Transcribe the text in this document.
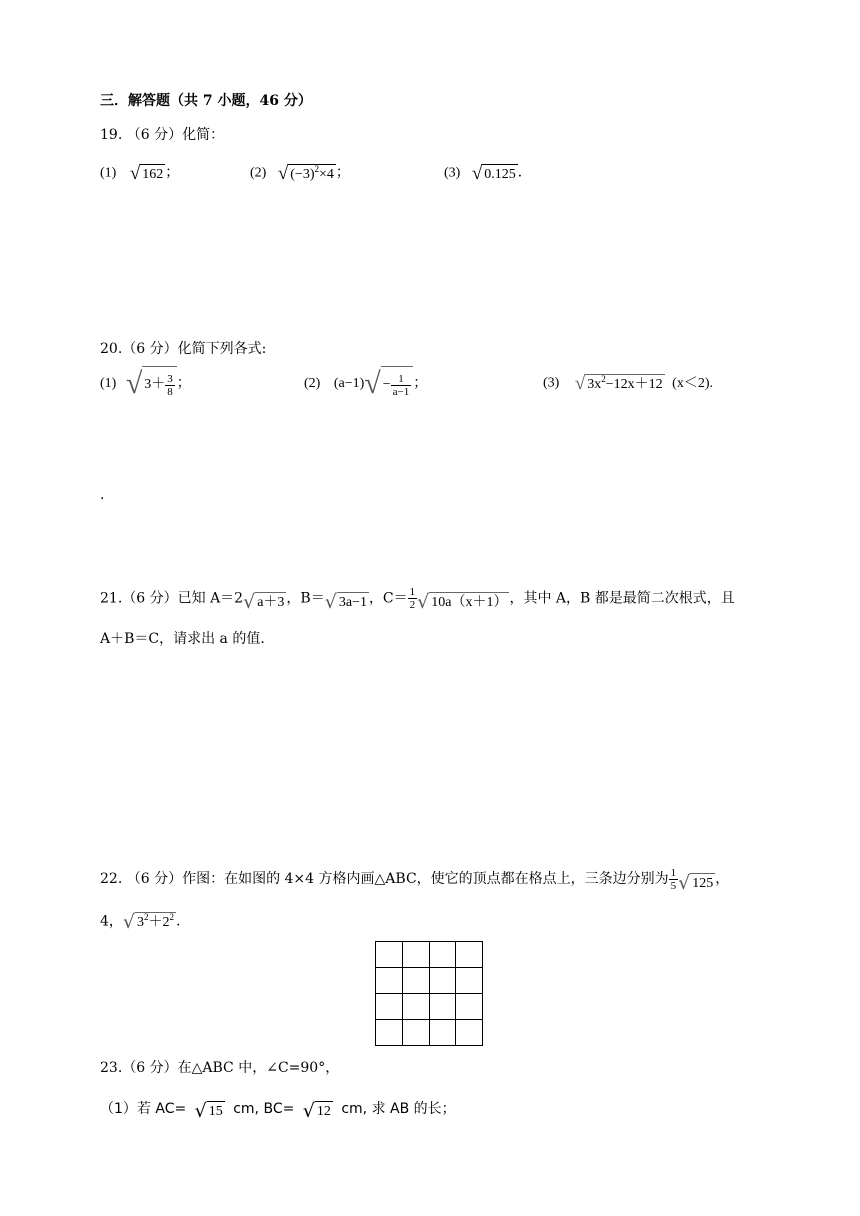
三．解答题（共 7 小题，46 分）
19. （6 分）化简：
(1) √ 162 ；	(2) √ $(-3)^2\times 4$ ；	(3) √ 0.125 ．
20.（6 分）化简下列各式:
(1) √ $3+ \frac{3}{8}$ ；	(2) $(a-1)√ - \frac{1}{a-1}$ ；	(3) √ $3x^2-12x+12$ (x＜2).
.
21.（6 分）已知 A＝2√ a＋3 ，B＝√ 3a−1 ，$C= \frac{1}{2}$ √ 10a（x＋1） ，其中 A，B 都是最简二次根式，且
A＋B＝C，请求出 a 的值．
22. （6 分）作图：在如图的 4×4 方格内画△ABC，使它的顶点都在格点上，三条边分别为 $\frac{1}{5}$ √ 125 ，
4，√ $3^2+2^2$ .
23.（6 分）在△ABC 中，∠C=90°，
（1）若 AC= √ 15 cm, BC= √ 12 cm, 求 AB 的长；
